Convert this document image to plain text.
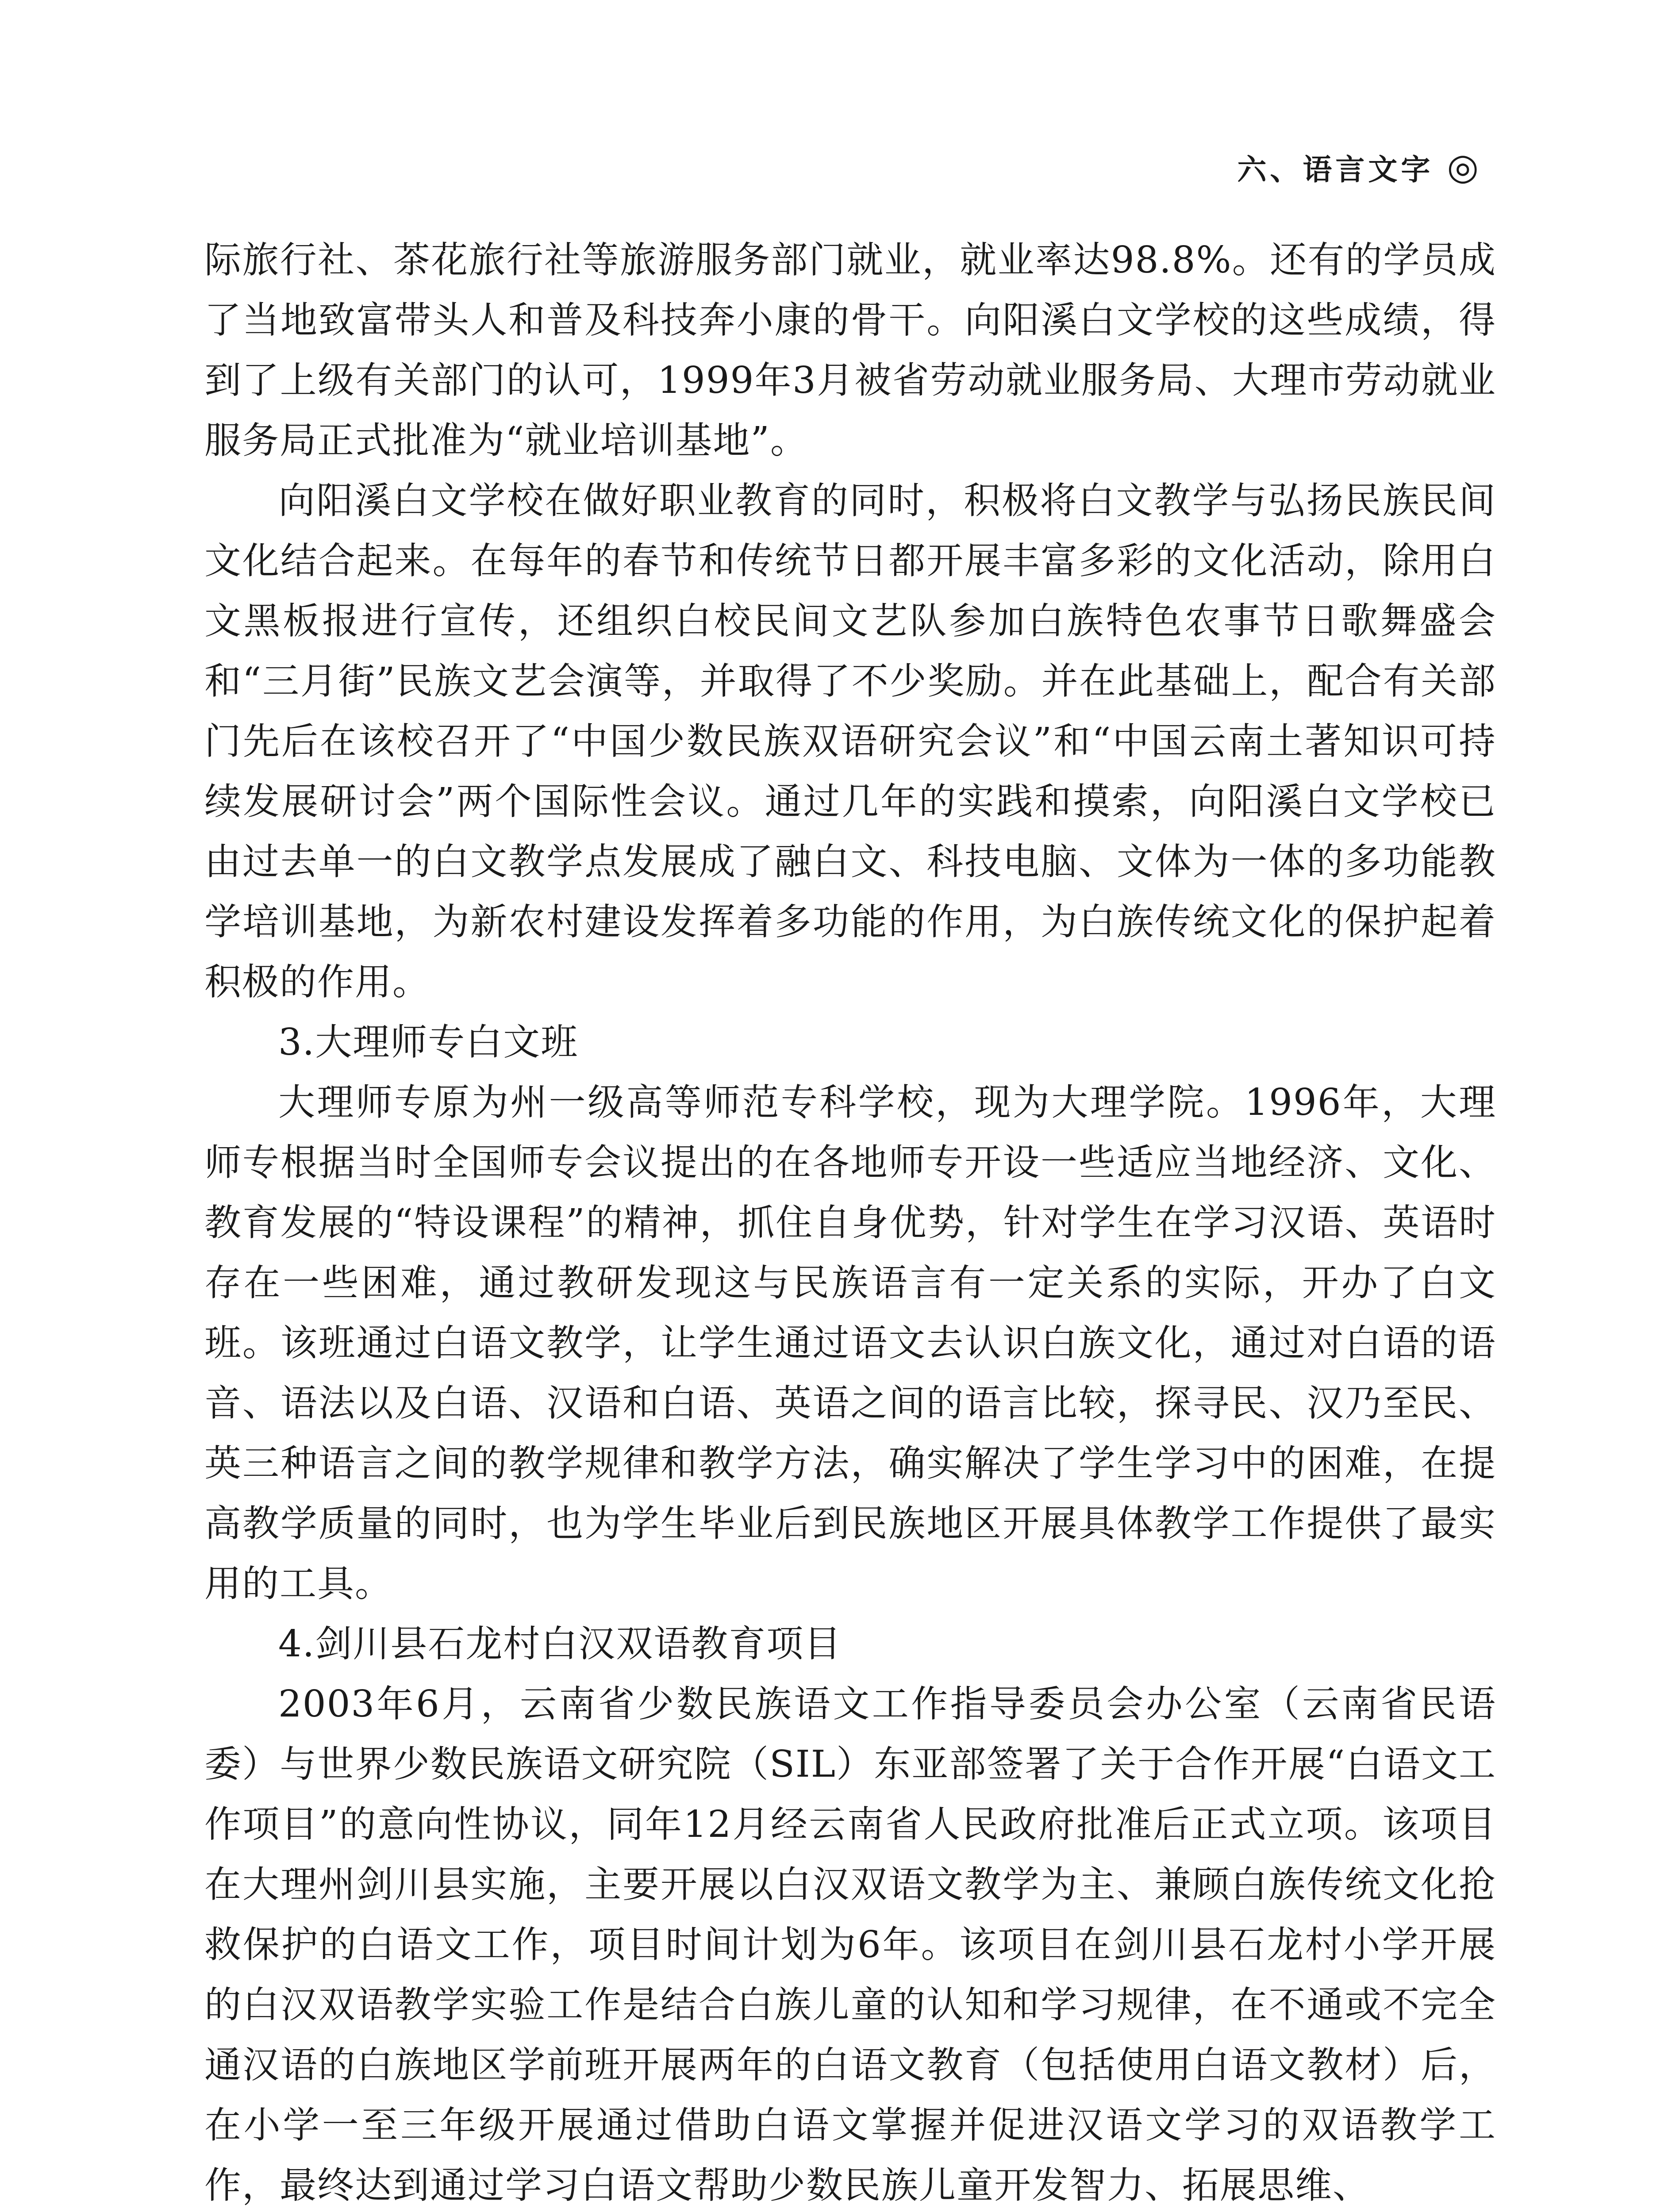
六、语言文字 ◎

际旅行社、茶花旅行社等旅游服务部门就业，就业率达98.8%。还有的学员成了当地致富带头人和普及科技奔小康的骨干。向阳溪白文学校的这些成绩，得到了上级有关部门的认可，1999年3月被省劳动就业服务局、大理市劳动就业服务局正式批准为“就业培训基地”。

向阳溪白文学校在做好职业教育的同时，积极将白文教学与弘扬民族民间文化结合起来。在每年的春节和传统节日都开展丰富多彩的文化活动，除用白文黑板报进行宣传，还组织白校民间文艺队参加白族特色农事节日歌舞盛会和“三月街”民族文艺会演等，并取得了不少奖励。并在此基础上，配合有关部门先后在该校召开了“中国少数民族双语研究会议”和“中国云南土著知识可持续发展研讨会”两个国际性会议。通过几年的实践和摸索，向阳溪白文学校已由过去单一的白文教学点发展成了融白文、科技电脑、文体为一体的多功能教学培训基地，为新农村建设发挥着多功能的作用，为白族传统文化的保护起着积极的作用。

3.大理师专白文班

大理师专原为州一级高等师范专科学校，现为大理学院。1996年，大理师专根据当时全国师专会议提出的在各地师专开设一些适应当地经济、文化、教育发展的“特设课程”的精神，抓住自身优势，针对学生在学习汉语、英语时存在一些困难，通过教研发现这与民族语言有一定关系的实际，开办了白文班。该班通过白语文教学，让学生通过语文去认识白族文化，通过对白语的语音、语法以及白语、汉语和白语、英语之间的语言比较，探寻民、汉乃至民、英三种语言之间的教学规律和教学方法，确实解决了学生学习中的困难，在提高教学质量的同时，也为学生毕业后到民族地区开展具体教学工作提供了最实用的工具。

4.剑川县石龙村白汉双语教育项目

2003年6月，云南省少数民族语文工作指导委员会办公室（云南省民语委）与世界少数民族语文研究院（SIL）东亚部签署了关于合作开展“白语文工作项目”的意向性协议，同年12月经云南省人民政府批准后正式立项。该项目在大理州剑川县实施，主要开展以白汉双语文教学为主、兼顾白族传统文化抢救保护的白语文工作，项目时间计划为6年。该项目在剑川县石龙村小学开展的白汉双语教学实验工作是结合白族儿童的认知和学习规律，在不通或不完全通汉语的白族地区学前班开展两年的白语文教育（包括使用白语文教材）后，在小学一至三年级开展通过借助白语文掌握并促进汉语文学习的双语教学工作，最终达到通过学习白语文帮助少数民族儿童开发智力、拓展思维、
